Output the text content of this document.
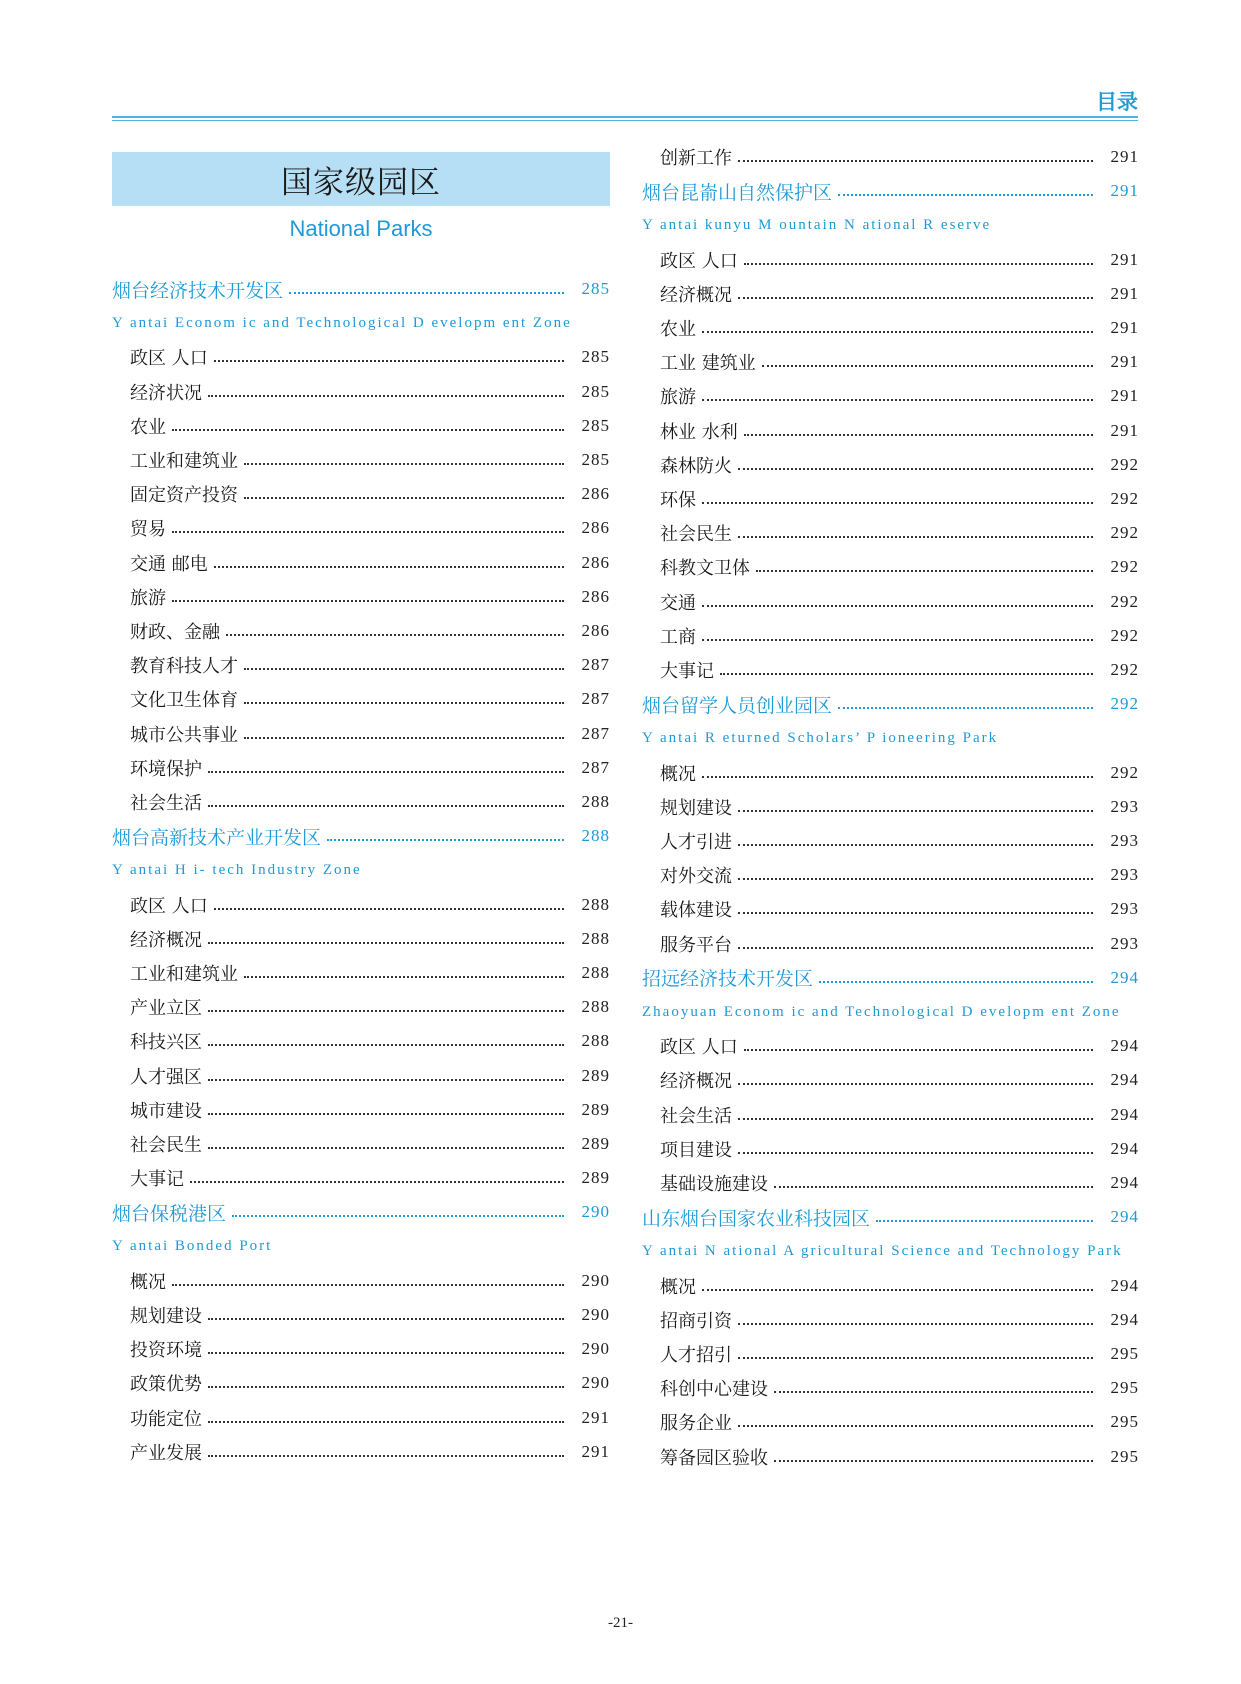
目录
国家级园区
National Parks
烟台经济技术开发区	285
Y antai Econom ic and Technological D evelopm ent Zone
政区 人口	285
经济状况	285
农业	285
工业和建筑业	285
固定资产投资	286
贸易	286
交通 邮电	286
旅游	286
财政、金融	286
教育科技人才	287
文化卫生体育	287
城市公共事业	287
环境保护	287
社会生活	288
烟台高新技术产业开发区	288
Y antai H i- tech Industry Zone
政区 人口	288
经济概况	288
工业和建筑业	288
产业立区	288
科技兴区	288
人才强区	289
城市建设	289
社会民生	289
大事记	289
烟台保税港区	290
Y antai Bonded Port
概况	290
规划建设	290
投资环境	290
政策优势	290
功能定位	291
产业发展	291
创新工作	291
烟台昆嵛山自然保护区	291
Y antai kunyu M ountain N ational R eserve
政区 人口	291
经济概况	291
农业	291
工业 建筑业	291
旅游	291
林业 水利	291
森林防火	292
环保	292
社会民生	292
科教文卫体	292
交通	292
工商	292
大事记	292
烟台留学人员创业园区	292
Y antai R eturned Scholars’ P ioneering Park
概况	292
规划建设	293
人才引进	293
对外交流	293
载体建设	293
服务平台	293
招远经济技术开发区	294
Zhaoyuan Econom ic and Technological D evelopm ent Zone
政区 人口	294
经济概况	294
社会生活	294
项目建设	294
基础设施建设	294
山东烟台国家农业科技园区	294
Y antai N ational A gricultural Science and Technology Park
概况	294
招商引资	294
人才招引	295
科创中心建设	295
服务企业	295
筹备园区验收	295
-21-
